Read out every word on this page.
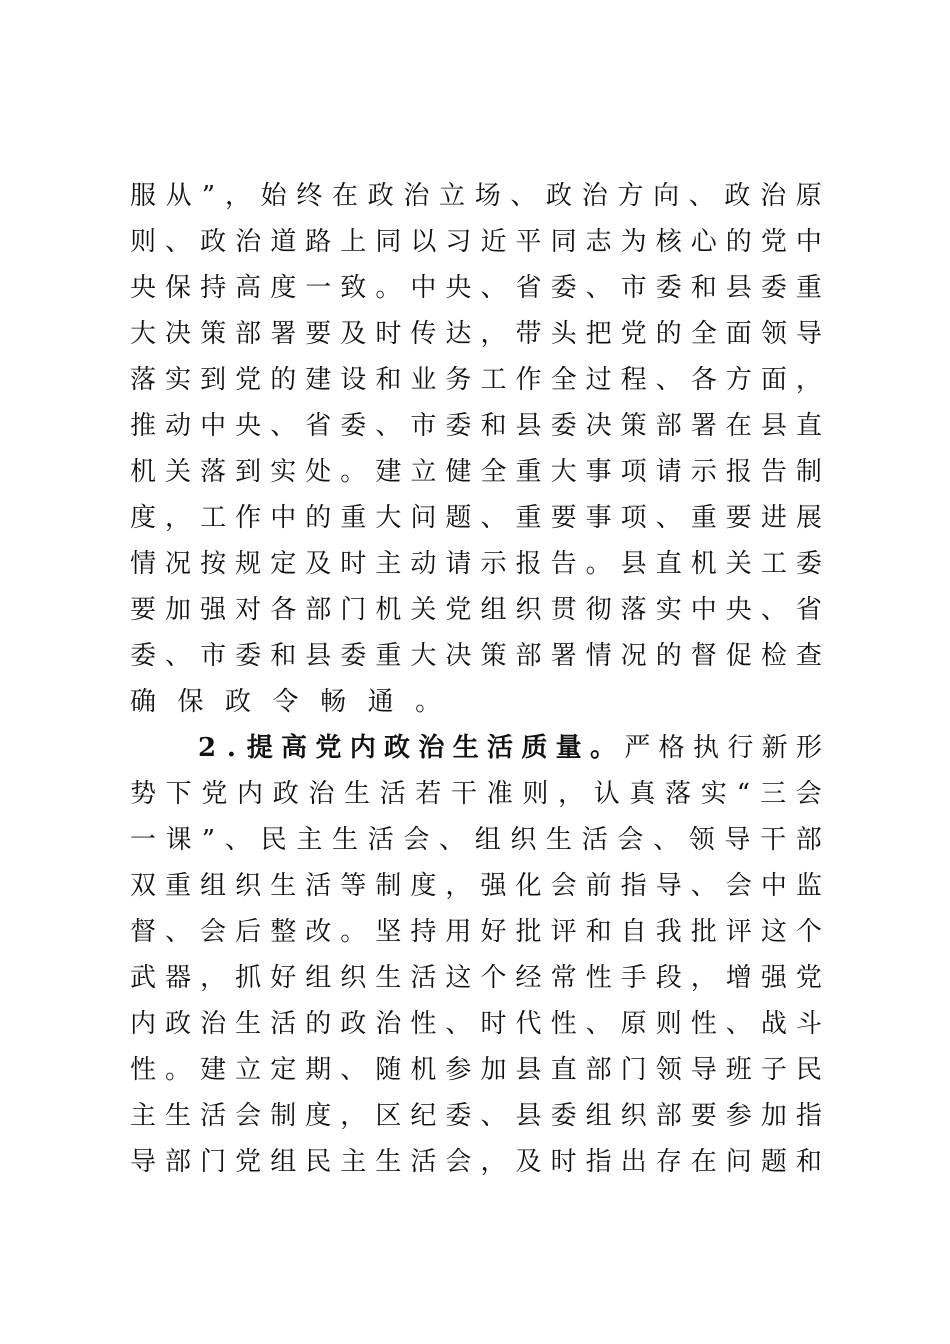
服 从 ” ， 始 终 在 政 治 立 场 、 政 治 方 向 、 政 治 原
则 、 政 治 道 路 上 同 以 习 近 平 同 志 为 核 心 的 党 中
央 保 持 高 度 一 致 。 中 央 、 省 委 、 市 委 和 县 委 重
大 决 策 部 署 要 及 时 传 达 ， 带 头 把 党 的 全 面 领 导
落 实 到 党 的 建 设 和 业 务 工 作 全 过 程 、 各 方 面 ，
推 动 中 央 、 省 委 、 市 委 和 县 委 决 策 部 署 在 县 直
机 关 落 到 实 处 。 建 立 健 全 重 大 事 项 请 示 报 告 制
度 ， 工 作 中 的 重 大 问 题 、 重 要 事 项 、 重 要 进 展
情 况 按 规 定 及 时 主 动 请 示 报 告 。 县 直 机 关 工 委
要 加 强 对 各 部 门 机 关 党 组 织 贯 彻 落 实 中 央 、 省
委 、 市 委 和 县 委 重 大 决 策 部 署 情 况 的 督 促 检 查
确 保 政 令 畅 通 。
2 . 提 高 党 内 政 治 生 活 质 量 。 严 格 执 行 新 形
势 下 党 内 政 治 生 活 若 干 准 则 ， 认 真 落 实 “ 三 会
一 课 ” 、 民 主 生 活 会 、 组 织 生 活 会 、 领 导 干 部
双 重 组 织 生 活 等 制 度 ， 强 化 会 前 指 导 、 会 中 监
督 、 会 后 整 改 。 坚 持 用 好 批 评 和 自 我 批 评 这 个
武 器 ， 抓 好 组 织 生 活 这 个 经 常 性 手 段 ， 增 强 党
内 政 治 生 活 的 政 治 性 、 时 代 性 、 原 则 性 、 战 斗
性 。 建 立 定 期 、 随 机 参 加 县 直 部 门 领 导 班 子 民
主 生 活 会 制 度 ， 区 纪 委 、 县 委 组 织 部 要 参 加 指
导 部 门 党 组 民 主 生 活 会 ， 及 时 指 出 存 在 问 题 和
